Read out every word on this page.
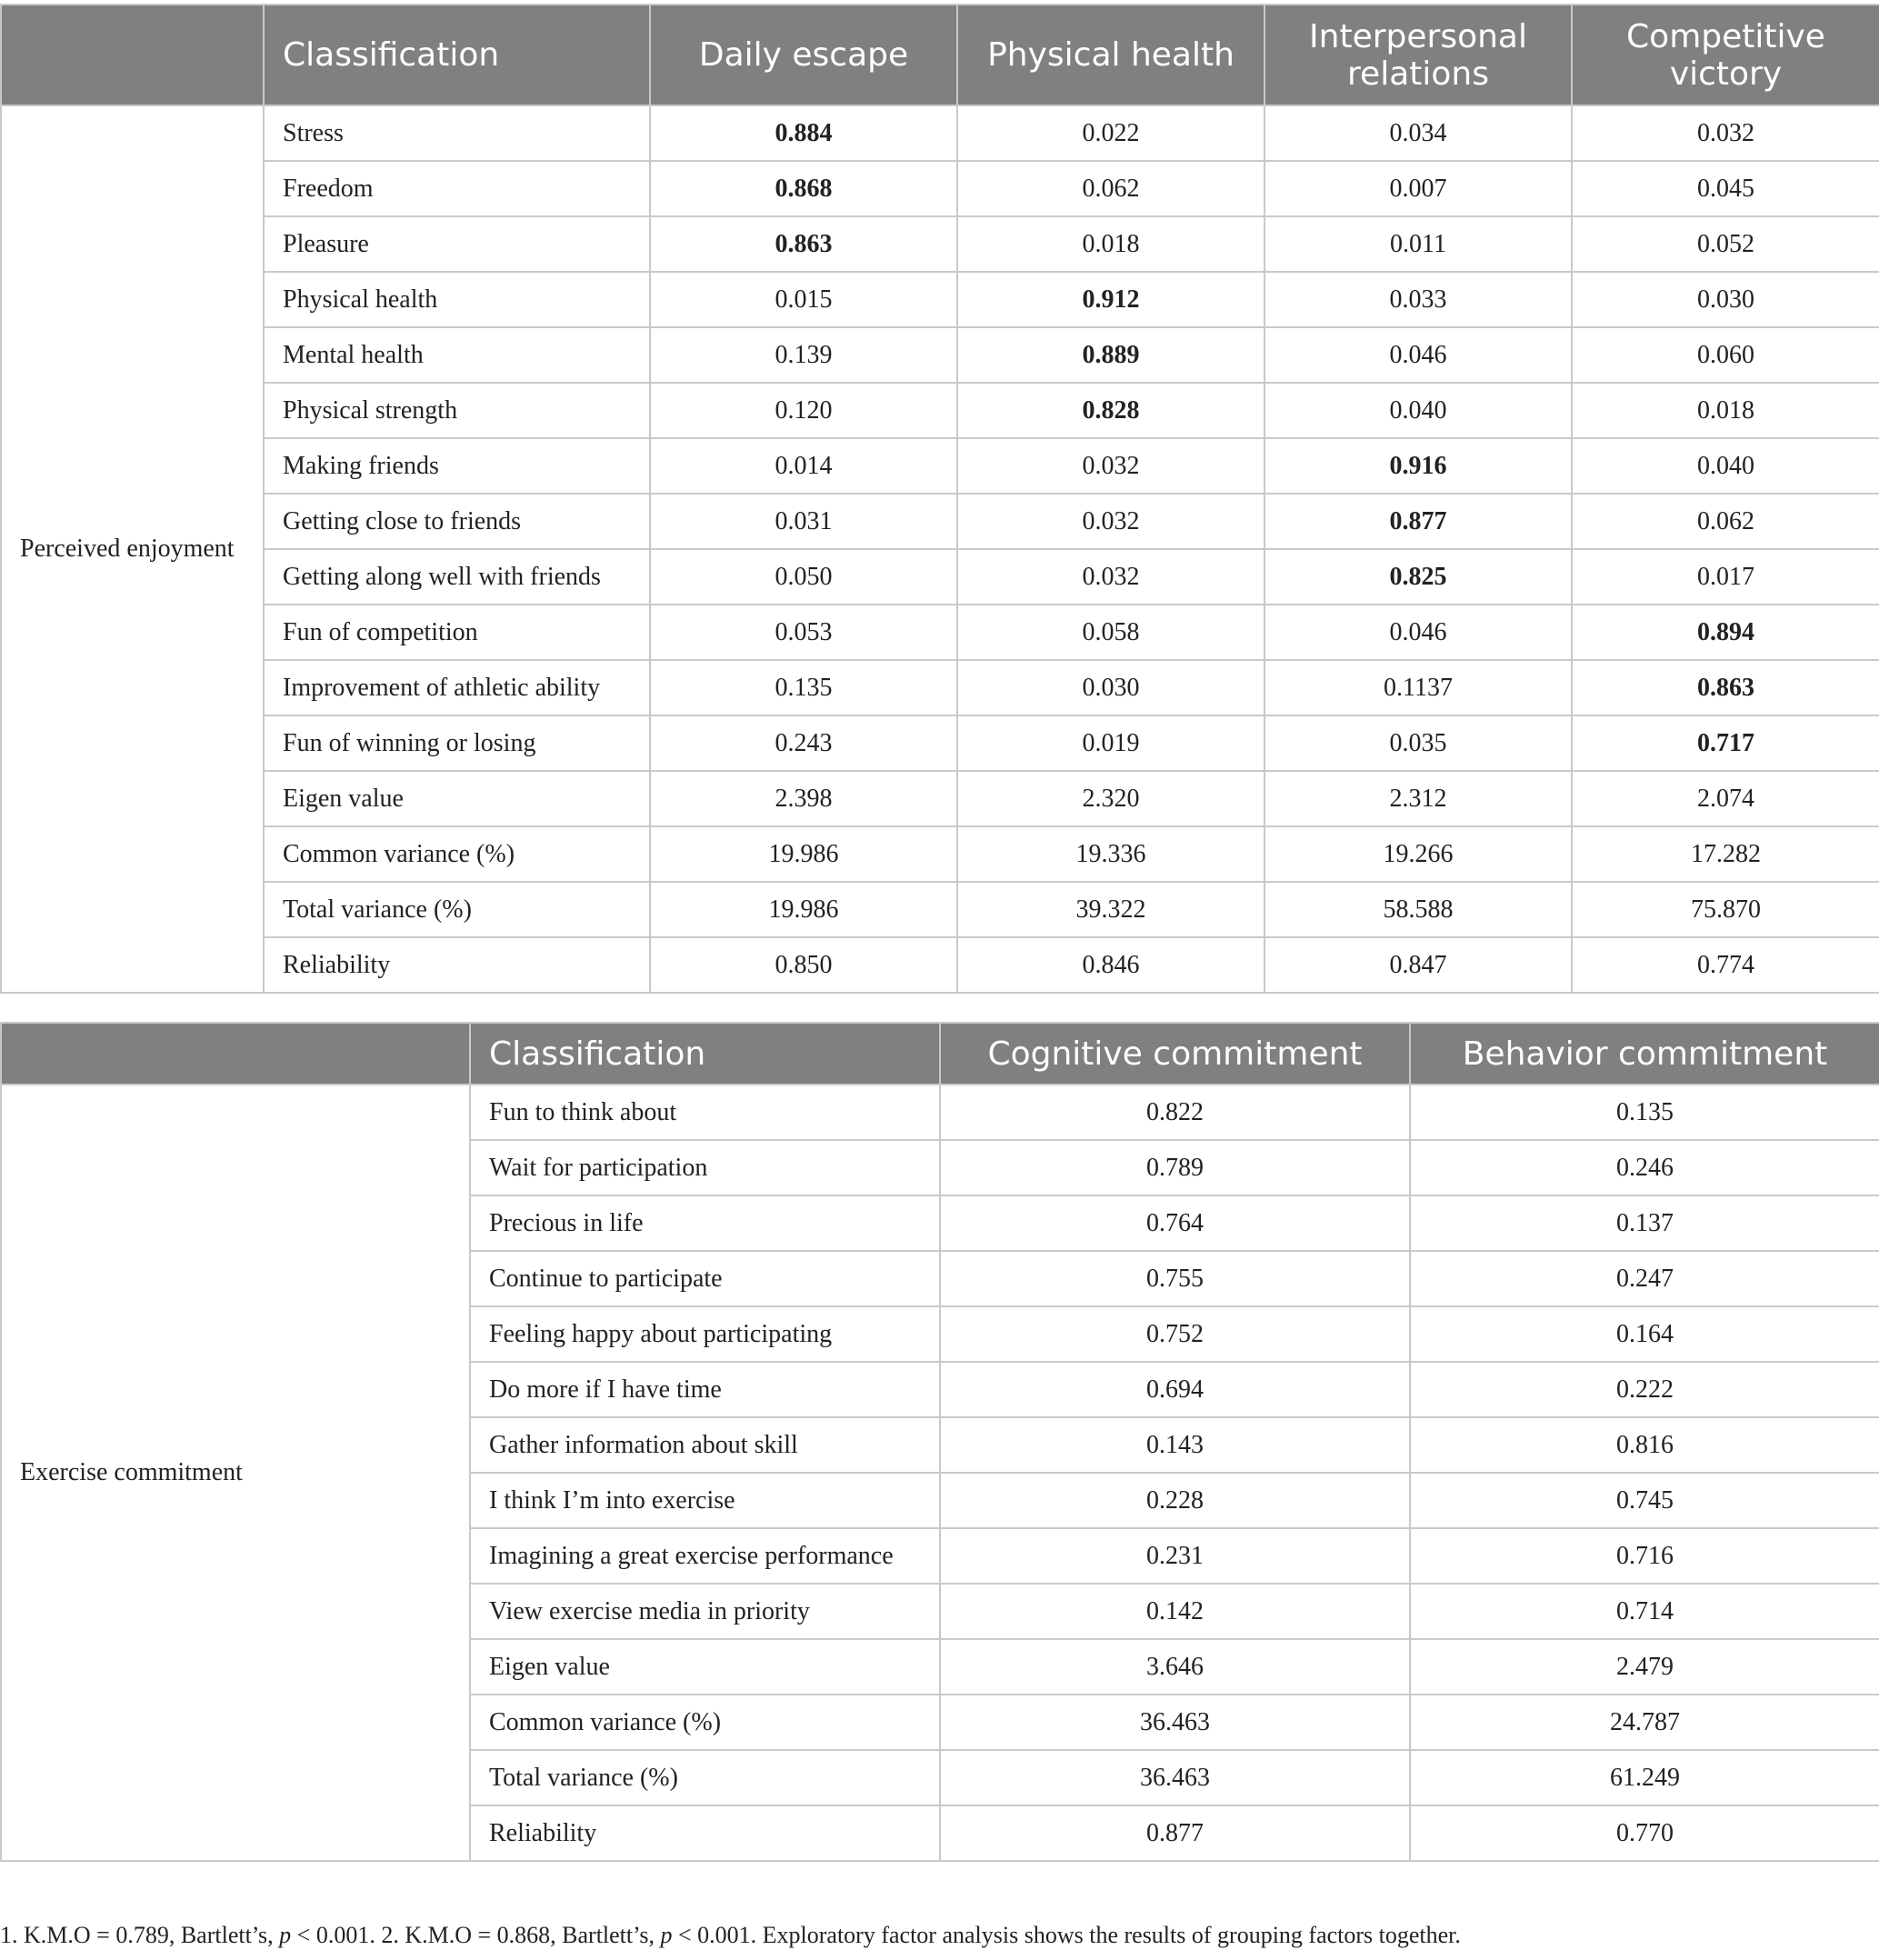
	Classification	Daily escape	Physical health	Interpersonal relations	Competitive victory
Perceived enjoyment	Stress	0.884	0.022	0.034	0.032
	Freedom	0.868	0.062	0.007	0.045
	Pleasure	0.863	0.018	0.011	0.052
	Physical health	0.015	0.912	0.033	0.030
	Mental health	0.139	0.889	0.046	0.060
	Physical strength	0.120	0.828	0.040	0.018
	Making friends	0.014	0.032	0.916	0.040
	Getting close to friends	0.031	0.032	0.877	0.062
	Getting along well with friends	0.050	0.032	0.825	0.017
	Fun of competition	0.053	0.058	0.046	0.894
	Improvement of athletic ability	0.135	0.030	0.1137	0.863
	Fun of winning or losing	0.243	0.019	0.035	0.717
	Eigen value	2.398	2.320	2.312	2.074
	Common variance (%)	19.986	19.336	19.266	17.282
	Total variance (%)	19.986	39.322	58.588	75.870
	Reliability	0.850	0.846	0.847	0.774
	Classification	Cognitive commitment	Behavior commitment
Exercise commitment	Fun to think about	0.822	0.135
	Wait for participation	0.789	0.246
	Precious in life	0.764	0.137
	Continue to participate	0.755	0.247
	Feeling happy about participating	0.752	0.164
	Do more if I have time	0.694	0.222
	Gather information about skill	0.143	0.816
	I think I’m into exercise	0.228	0.745
	Imagining a great exercise performance	0.231	0.716
	View exercise media in priority	0.142	0.714
	Eigen value	3.646	2.479
	Common variance (%)	36.463	24.787
	Total variance (%)	36.463	61.249
	Reliability	0.877	0.770

1. K.M.O = 0.789, Bartlett’s, p < 0.001. 2. K.M.O = 0.868, Bartlett’s, p < 0.001. Exploratory factor analysis shows the results of grouping factors together.
